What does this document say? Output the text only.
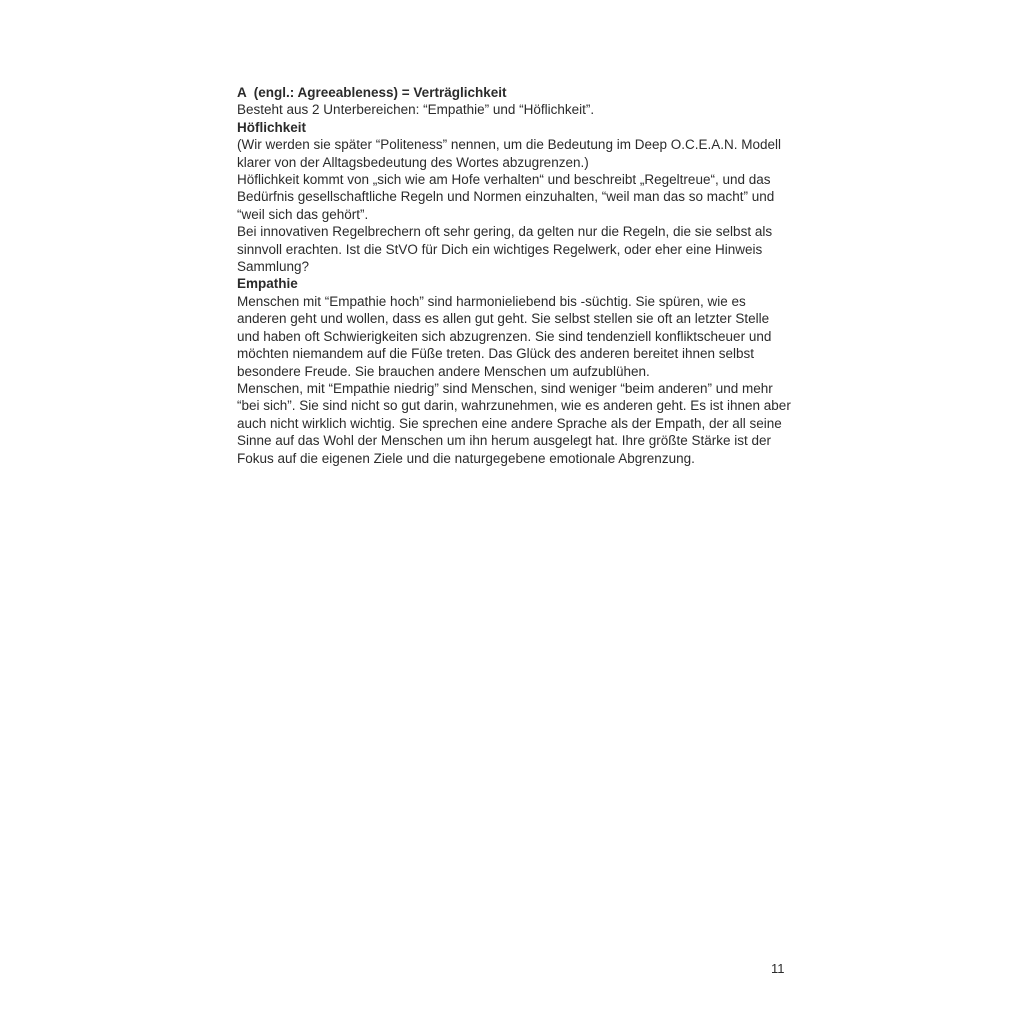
A  (engl.: Agreeableness) = Verträglichkeit

Besteht aus 2 Unterbereichen: “Empathie” und “Höflichkeit”.

Höflichkeit

(Wir werden sie später “Politeness” nennen, um die Bedeutung im Deep O.C.E.A.N. Modell klarer von der Alltagsbedeutung des Wortes abzugrenzen.)

Höflichkeit kommt von „sich wie am Hofe verhalten“ und beschreibt „Regeltreue“, und das Bedürfnis gesellschaftliche Regeln und Normen einzuhalten, “weil man das so macht” und “weil sich das gehört”.

Bei innovativen Regelbrechern oft sehr gering, da gelten nur die Regeln, die sie selbst als sinnvoll erachten. Ist die StVO für Dich ein wichtiges Regelwerk, oder eher eine Hinweis Sammlung?

Empathie

Menschen mit “Empathie hoch” sind harmonieliebend bis -süchtig. Sie spüren, wie es anderen geht und wollen, dass es allen gut geht. Sie selbst stellen sie oft an letzter Stelle und haben oft Schwierigkeiten sich abzugrenzen. Sie sind tendenziell konfliktscheuer und möchten niemandem auf die Füße treten. Das Glück des anderen bereitet ihnen selbst besondere Freude. Sie brauchen andere Menschen um aufzublühen.

Menschen, mit “Empathie niedrig” sind Menschen, sind weniger “beim anderen” und mehr “bei sich”. Sie sind nicht so gut darin, wahrzunehmen, wie es anderen geht. Es ist ihnen aber auch nicht wirklich wichtig. Sie sprechen eine andere Sprache als der Empath, der all seine Sinne auf das Wohl der Menschen um ihn herum ausgelegt hat. Ihre größte Stärke ist der Fokus auf die eigenen Ziele und die naturgegebene emotionale Abgrenzung.

11
